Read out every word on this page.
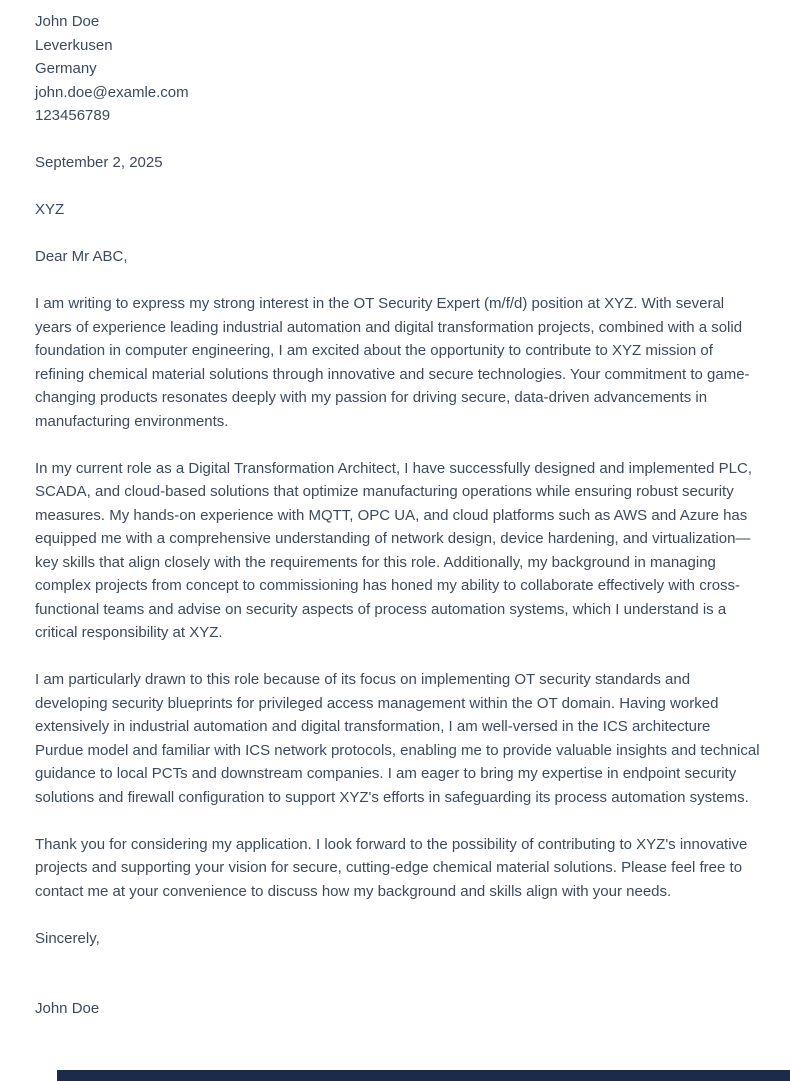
John Doe
Leverkusen
Germany
john.doe@examle.com
123456789
September 2, 2025
XYZ
Dear Mr ABC,

I am writing to express my strong interest in the OT Security Expert (m/f/d) position at XYZ. With several years of experience leading industrial automation and digital transformation projects, combined with a solid foundation in computer engineering, I am excited about the opportunity to contribute to XYZ mission of refining chemical material solutions through innovative and secure technologies. Your commitment to game-changing products resonates deeply with my passion for driving secure, data-driven advancements in manufacturing environments.

In my current role as a Digital Transformation Architect, I have successfully designed and implemented PLC, SCADA, and cloud-based solutions that optimize manufacturing operations while ensuring robust security measures. My hands-on experience with MQTT, OPC UA, and cloud platforms such as AWS and Azure has equipped me with a comprehensive understanding of network design, device hardening, and virtualization—key skills that align closely with the requirements for this role. Additionally, my background in managing complex projects from concept to commissioning has honed my ability to collaborate effectively with cross-functional teams and advise on security aspects of process automation systems, which I understand is a critical responsibility at XYZ.

I am particularly drawn to this role because of its focus on implementing OT security standards and developing security blueprints for privileged access management within the OT domain. Having worked extensively in industrial automation and digital transformation, I am well-versed in the ICS architecture Purdue model and familiar with ICS network protocols, enabling me to provide valuable insights and technical guidance to local PCTs and downstream companies. I am eager to bring my expertise in endpoint security solutions and firewall configuration to support XYZ's efforts in safeguarding its process automation systems.

Thank you for considering my application. I look forward to the possibility of contributing to XYZ's innovative projects and supporting your vision for secure, cutting-edge chemical material solutions. Please feel free to contact me at your convenience to discuss how my background and skills align with your needs.

Sincerely,
John Doe
